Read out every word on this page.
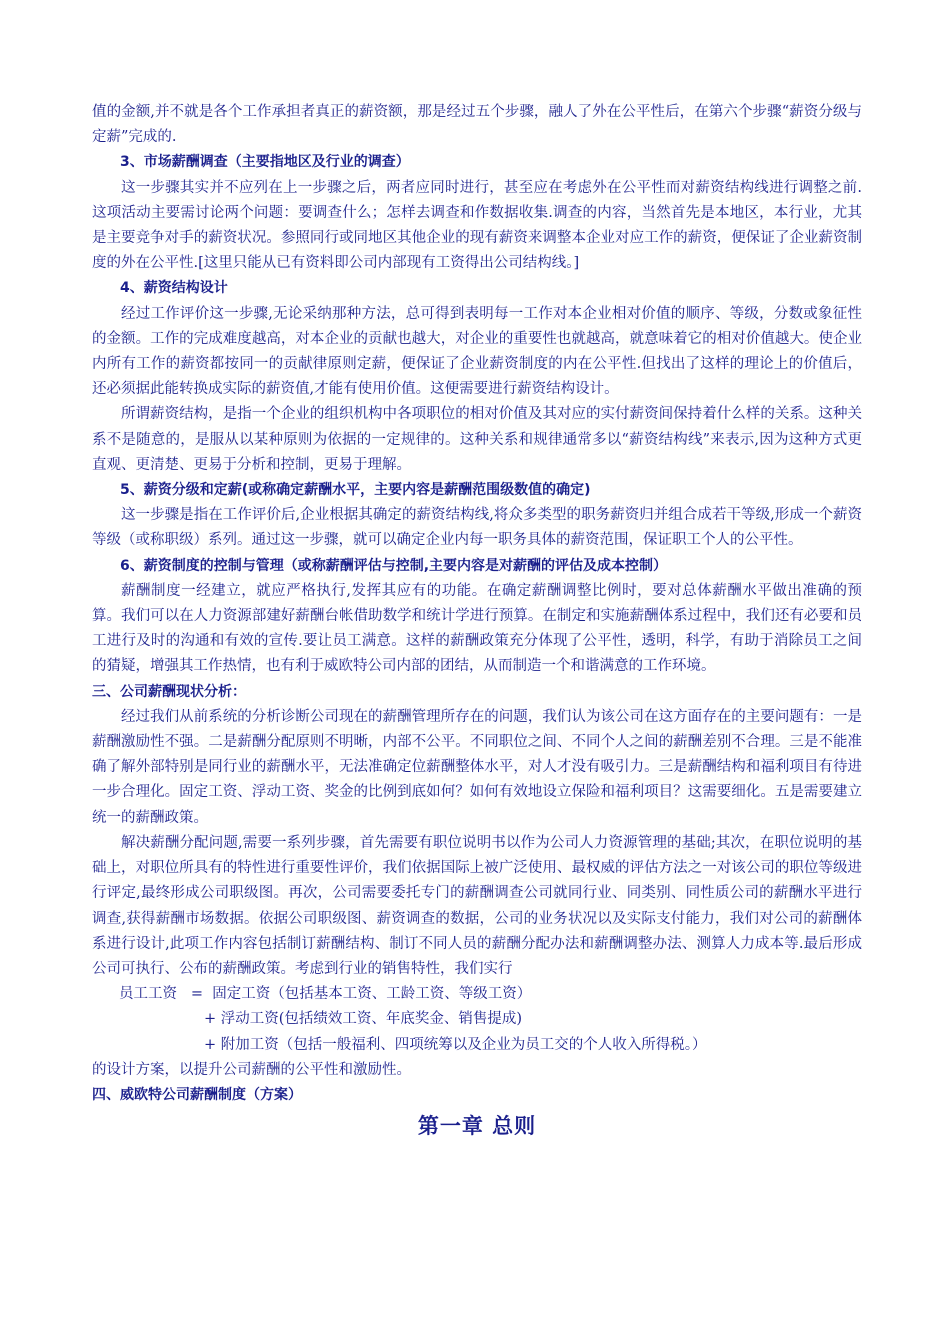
值的金额,并不就是各个工作承担者真正的薪资额，那是经过五个步骤，融人了外在公平性后，在第六个步骤“薪资分级与定薪”完成的.

3、市场薪酬调查（主要指地区及行业的调查）

这一步骤其实并不应列在上一步骤之后，两者应同时进行，甚至应在考虑外在公平性而对薪资结构线进行调整之前.这项活动主要需讨论两个问题：要调查什么；怎样去调查和作数据收集.调查的内容，当然首先是本地区，本行业，尤其是主要竞争对手的薪资状况。参照同行或同地区其他企业的现有薪资来调整本企业对应工作的薪资，便保证了企业薪资制度的外在公平性.[这里只能从已有资料即公司内部现有工资得出公司结构线。]

4、薪资结构设计

经过工作评价这一步骤,无论采纳那种方法，总可得到表明每一工作对本企业相对价值的顺序、等级，分数或象征性的金额。工作的完成难度越高，对本企业的贡献也越大，对企业的重要性也就越高，就意味着它的相对价值越大。使企业内所有工作的薪资都按同一的贡献律原则定薪，便保证了企业薪资制度的内在公平性.但找出了这样的理论上的价值后，还必须据此能转换成实际的薪资值,才能有使用价值。这便需要进行薪资结构设计。

所谓薪资结构，是指一个企业的组织机构中各项职位的相对价值及其对应的实付薪资间保持着什么样的关系。这种关系不是随意的，是服从以某种原则为依据的一定规律的。这种关系和规律通常多以“薪资结构线”来表示,因为这种方式更直观、更清楚、更易于分析和控制，更易于理解。

5、薪资分级和定薪(或称确定薪酬水平，主要内容是薪酬范围级数值的确定)

这一步骤是指在工作评价后,企业根据其确定的薪资结构线,将众多类型的职务薪资归并组合成若干等级,形成一个薪资等级（或称职级）系列。通过这一步骤，就可以确定企业内每一职务具体的薪资范围，保证职工个人的公平性。

6、薪资制度的控制与管理（或称薪酬评估与控制,主要内容是对薪酬的评估及成本控制）

薪酬制度一经建立，就应严格执行,发挥其应有的功能。在确定薪酬调整比例时，要对总体薪酬水平做出准确的预算。我们可以在人力资源部建好薪酬台帐借助数学和统计学进行预算。在制定和实施薪酬体系过程中，我们还有必要和员工进行及时的沟通和有效的宣传.要让员工满意。这样的薪酬政策充分体现了公平性，透明，科学，有助于消除员工之间的猜疑，增强其工作热情，也有利于威欧特公司内部的团结，从而制造一个和谐满意的工作环境。

三、公司薪酬现状分析：

经过我们从前系统的分析诊断公司现在的薪酬管理所存在的问题，我们认为该公司在这方面存在的主要问题有：一是薪酬激励性不强。二是薪酬分配原则不明晰，内部不公平。不同职位之间、不同个人之间的薪酬差别不合理。三是不能准确了解外部特别是同行业的薪酬水平，无法准确定位薪酬整体水平，对人才没有吸引力。三是薪酬结构和福利项目有待进一步合理化。固定工资、浮动工资、奖金的比例到底如何？如何有效地设立保险和福利项目？这需要细化。五是需要建立统一的薪酬政策。

解决薪酬分配问题,需要一系列步骤，首先需要有职位说明书以作为公司人力资源管理的基础;其次，在职位说明的基础上，对职位所具有的特性进行重要性评价，我们依据国际上被广泛使用、最权威的评估方法之一对该公司的职位等级进行评定,最终形成公司职级图。再次，公司需要委托专门的薪酬调查公司就同行业、同类别、同性质公司的薪酬水平进行调查,获得薪酬市场数据。依据公司职级图、薪资调查的数据，公司的业务状况以及实际支付能力，我们对公司的薪酬体系进行设计,此项工作内容包括制订薪酬结构、制订不同人员的薪酬分配办法和薪酬调整办法、测算人力成本等.最后形成公司可执行、公布的薪酬政策。考虑到行业的销售特性，我们实行

员工工资   =  固定工资（包括基本工资、工龄工资、等级工资）

+ 浮动工资(包括绩效工资、年底奖金、销售提成)

+ 附加工资（包括一般福利、四项统筹以及企业为员工交的个人收入所得税。）

的设计方案，以提升公司薪酬的公平性和激励性。

四、威欧特公司薪酬制度（方案）

第一章 总则
